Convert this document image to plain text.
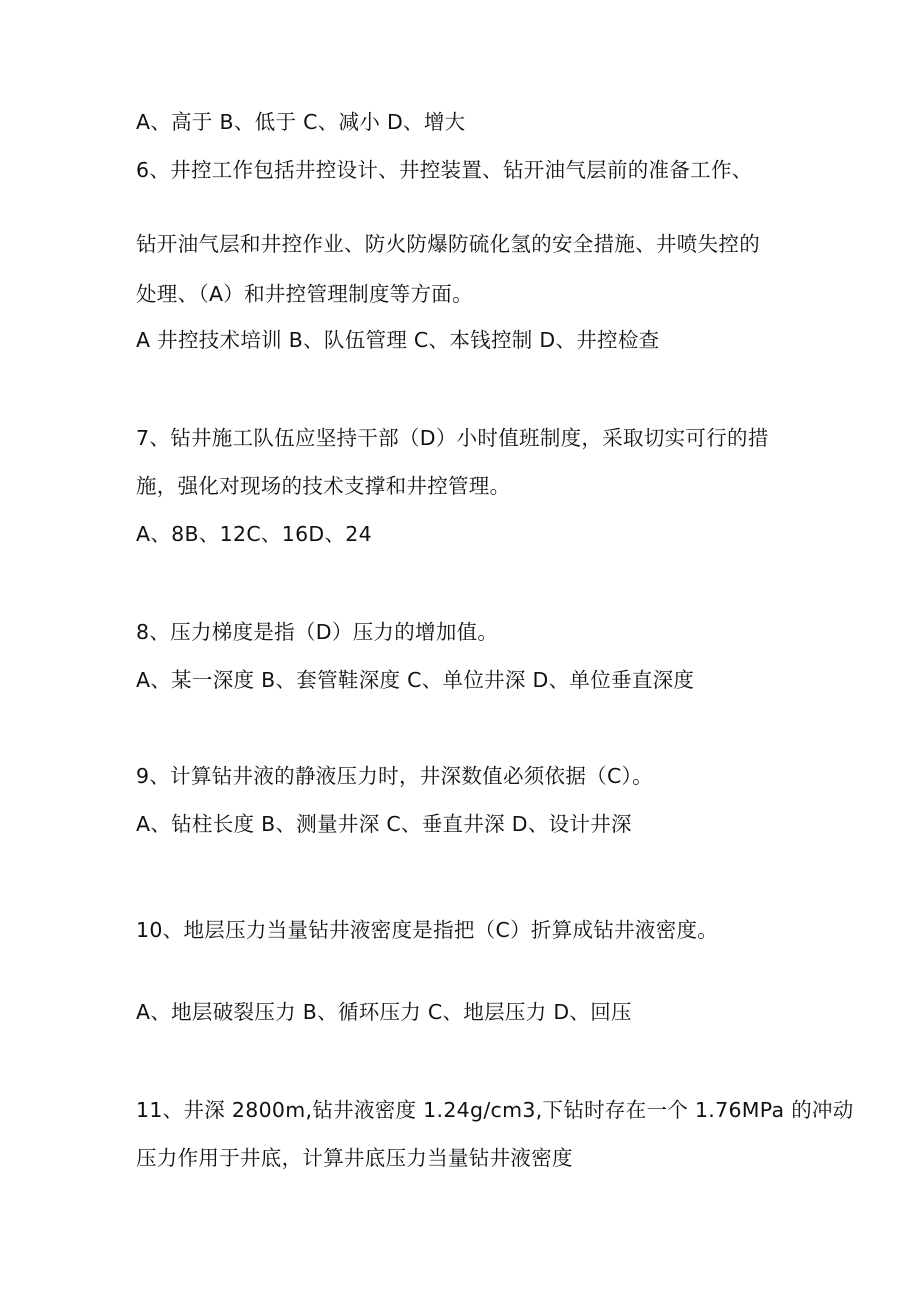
A、高于 B、低于 C、减小 D、增大
6、井控工作包括井控设计、井控装置、钻开油气层前的准备工作、
钻开油气层和井控作业、防火防爆防硫化氢的安全措施、井喷失控的
处理、（A）和井控管理制度等方面。
A 井控技术培训 B、队伍管理 C、本钱控制 D、井控检查
7、钻井施工队伍应坚持干部（D）小时值班制度，采取切实可行的措
施，强化对现场的技术支撑和井控管理。
A、8B、12C、16D、24
8、压力梯度是指（D）压力的增加值。
A、某一深度 B、套管鞋深度 C、单位井深 D、单位垂直深度
9、计算钻井液的静液压力时，井深数值必须依据（C）。
A、钻柱长度 B、测量井深 C、垂直井深 D、设计井深
10、地层压力当量钻井液密度是指把（C）折算成钻井液密度。
A、地层破裂压力 B、循环压力 C、地层压力 D、回压
11、井深 2800m,钻井液密度 1.24g∕cm3,下钻时存在一个 1.76MPa 的冲动
压力作用于井底，计算井底压力当量钻井液密度
